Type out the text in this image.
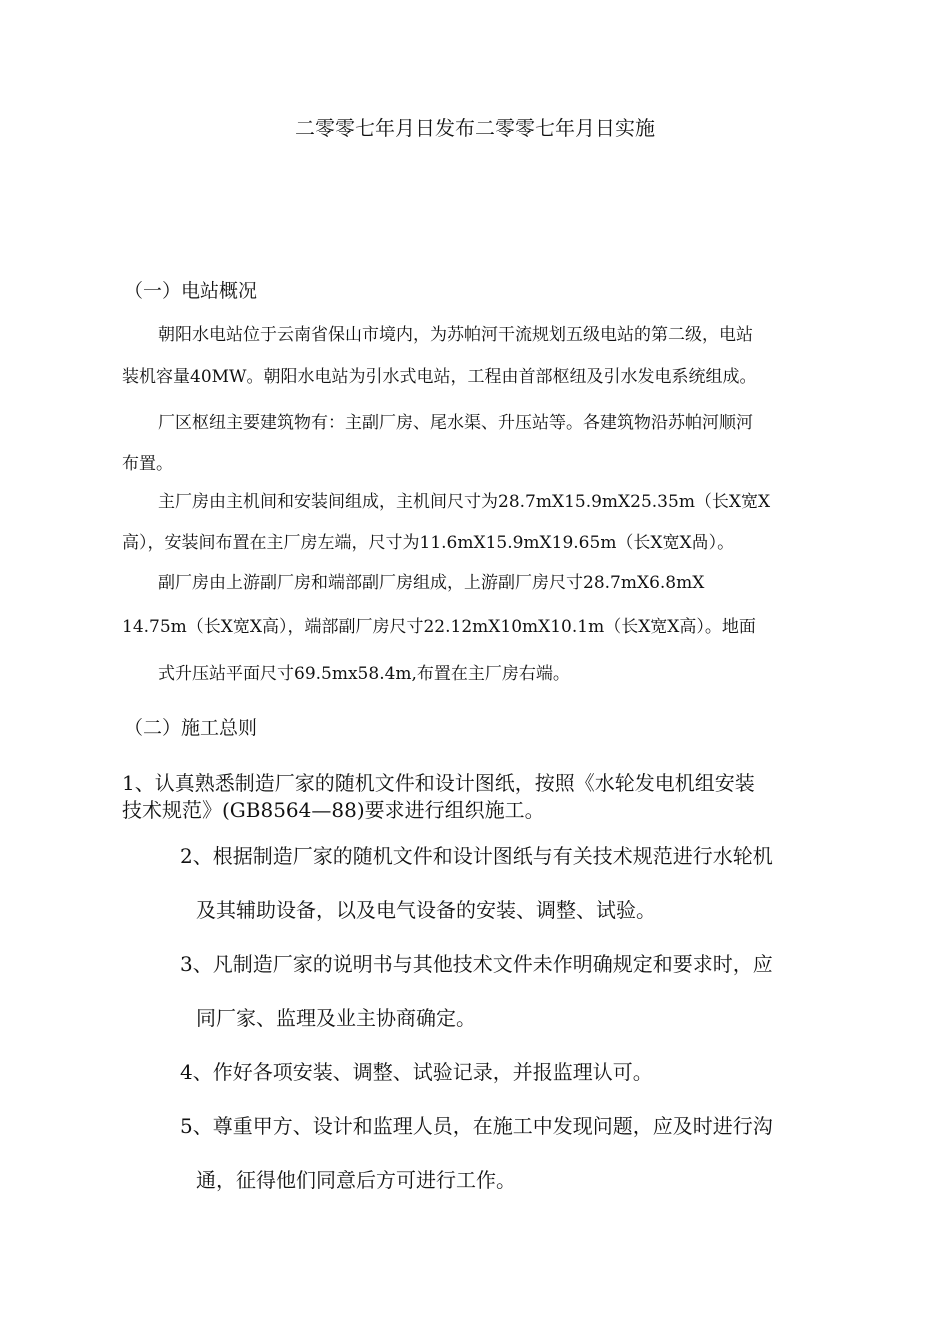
二零零七年月日发布二零零七年月日实施
（一）电站概况
朝阳水电站位于云南省保山市境内，为苏帕河干流规划五级电站的第二级，电站
装机容量40MW。朝阳水电站为引水式电站，工程由首部枢纽及引水发电系统组成。
厂区枢纽主要建筑物有：主副厂房、尾水渠、升压站等。各建筑物沿苏帕河顺河
布置。
主厂房由主机间和安装间组成，主机间尺寸为28.7mX15.9mX25.35m（长X宽X
高），安装间布置在主厂房左端，尺寸为11.6mX15.9mX19.65m（长X宽X咼）。
副厂房由上游副厂房和端部副厂房组成，上游副厂房尺寸28.7mX6.8mX
14.75m（长X宽X高），端部副厂房尺寸22.12mX10mX10.1m（长X宽X高）。地面
式升压站平面尺寸69.5mx58.4m,布置在主厂房右端。
（二）施工总则
1、认真熟悉制造厂家的随机文件和设计图纸，按照《水轮发电机组安装
技术规范》(GB8564—88)要求进行组织施工。
2、根据制造厂家的随机文件和设计图纸与有关技术规范进行水轮机
及其辅助设备，以及电气设备的安装、调整、试验。
3、凡制造厂家的说明书与其他技术文件未作明确规定和要求时，应
同厂家、监理及业主协商确定。
4、作好各项安装、调整、试验记录，并报监理认可。
5、尊重甲方、设计和监理人员，在施工中发现问题，应及时进行沟
通，征得他们同意后方可进行工作。
